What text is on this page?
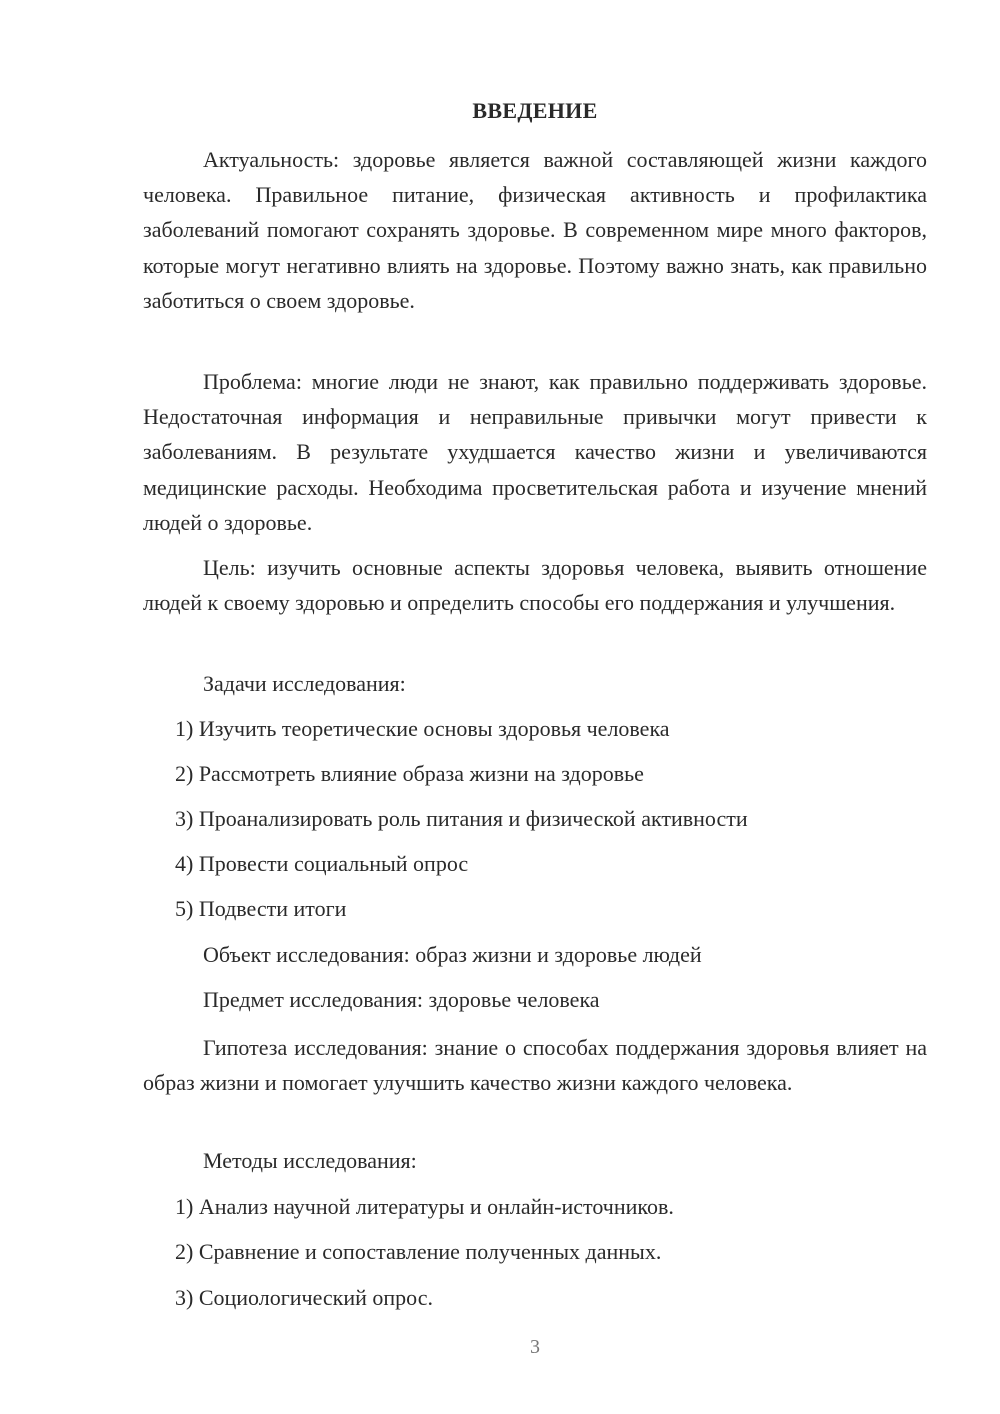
ВВЕДЕНИЕ

Актуальность: здоровье является важной составляющей жизни каждого человека. Правильное питание, физическая активность и профилактика заболеваний помогают сохранять здоровье. В современном мире много факторов, которые могут негативно влиять на здоровье. Поэтому важно знать, как правильно заботиться о своем здоровье.

Проблема: многие люди не знают, как правильно поддерживать здоровье. Недостаточная информация и неправильные привычки могут привести к заболеваниям. В результате ухудшается качество жизни и увеличиваются медицинские расходы. Необходима просветительская работа и изучение мнений людей о здоровье.

Цель: изучить основные аспекты здоровья человека, выявить отношение людей к своему здоровью и определить способы его поддержания и улучшения.

Задачи исследования:

1) Изучить теоретические основы здоровья человека

2) Рассмотреть влияние образа жизни на здоровье

3) Проанализировать роль питания и физической активности

4) Провести социальный опрос

5) Подвести итоги

Объект исследования: образ жизни и здоровье людей

Предмет исследования: здоровье человека

Гипотеза исследования: знание о способах поддержания здоровья влияет на образ жизни и помогает улучшить качество жизни каждого человека.

Методы исследования:

1) Анализ научной литературы и онлайн-источников.

2) Сравнение и сопоставление полученных данных.

3) Социологический опрос.

3
